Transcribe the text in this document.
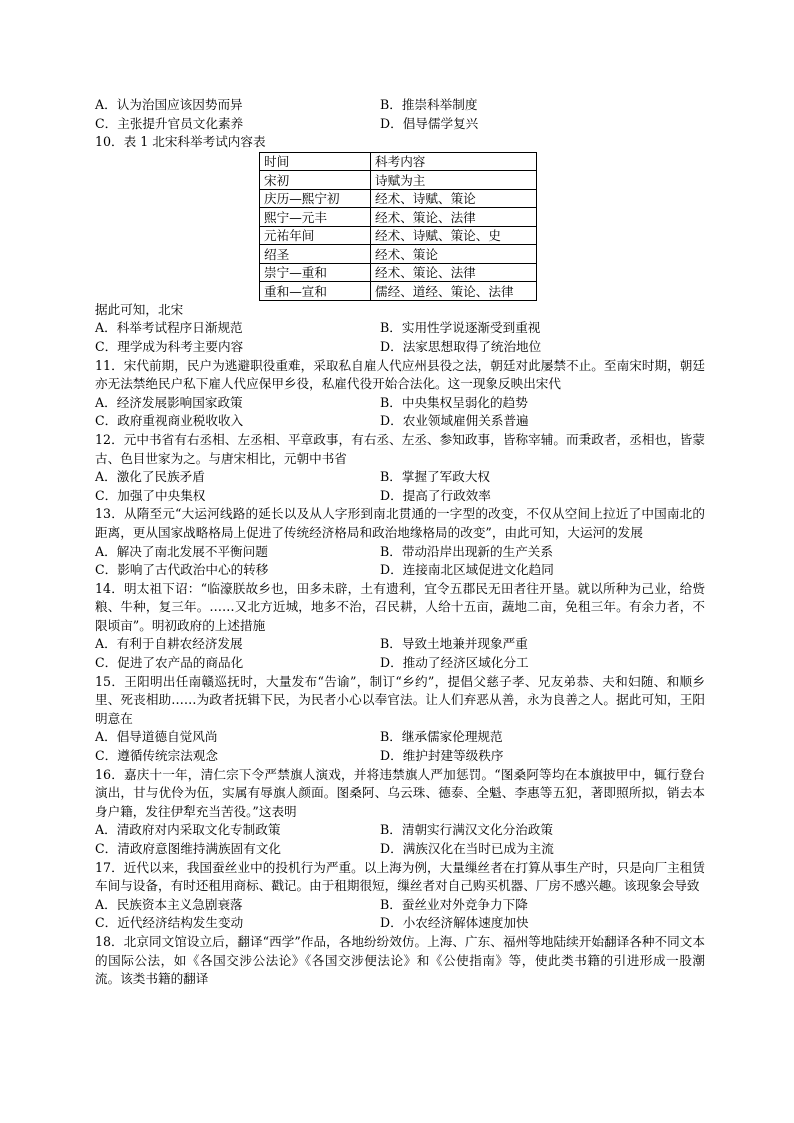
A．认为治国应该因势而异	B．推崇科举制度
C．主张提升官员文化素养	D．倡导儒学复兴

10．表 1 北宋科举考试内容表

时间	科考内容
宋初	诗赋为主
庆历—熙宁初	经术、诗赋、策论
熙宁—元丰	经术、策论、法律
元祐年间	经术、诗赋、策论、史
绍圣	经术、策论
崇宁—重和	经术、策论、法律
重和—宣和	儒经、道经、策论、法律

据此可知，北宋

A．科举考试程序日渐规范	B．实用性学说逐渐受到重视
C．理学成为科考主要内容	D．法家思想取得了统治地位

11．宋代前期，民户为逃避职役重难，采取私自雇人代应州县役之法，朝廷对此屡禁不止。至南宋时期，朝廷亦无法禁绝民户私下雇人代应保甲乡役，私雇代役开始合法化。这一现象反映出宋代

A．经济发展影响国家政策	B．中央集权呈弱化的趋势
C．政府重视商业税收收入	D．农业领域雇佣关系普遍

12．元中书省有右丞相、左丞相、平章政事，有右丞、左丞、参知政事，皆称宰辅。而秉政者，丞相也，皆蒙古、色目世家为之。与唐宋相比，元朝中书省

A．激化了民族矛盾	B．掌握了军政大权
C．加强了中央集权	D．提高了行政效率

13．从隋至元“大运河线路的延长以及从人字形到南北贯通的一字型的改变，不仅从空间上拉近了中国南北的距离，更从国家战略格局上促进了传统经济格局和政治地缘格局的改变”，由此可知，大运河的发展

A．解决了南北发展不平衡问题	B．带动沿岸出现新的生产关系
C．影响了古代政治中心的转移	D．连接南北区域促进文化趋同

14．明太祖下诏：“临濠朕故乡也，田多未辟，土有遗利，宜令五郡民无田者往开垦。就以所种为己业，给赀粮、牛种，复三年。……又北方近城，地多不治，召民耕，人给十五亩，蔬地二亩，免租三年。有余力者，不限顷亩”。明初政府的上述措施

A．有利于自耕农经济发展	B．导致土地兼并现象严重
C．促进了农产品的商品化	D．推动了经济区域化分工

15．王阳明出任南赣巡抚时，大量发布“告谕”，制订“乡约”，提倡父慈子孝、兄友弟恭、夫和妇随、和顺乡里、死丧相助……为政者抚辑下民，为民者小心以奉官法。让人们弃恶从善，永为良善之人。据此可知，王阳明意在

A．倡导道德自觉风尚	B．继承儒家伦理规范
C．遵循传统宗法观念	D．维护封建等级秩序

16．嘉庆十一年，清仁宗下令严禁旗人演戏，并将违禁旗人严加惩罚。“图桑阿等均在本旗披甲中，辄行登台演出，甘与优伶为伍，实属有辱旗人颜面。图桑阿、乌云珠、德泰、全魁、李惠等五犯，著即照所拟，销去本身户籍，发往伊犁充当苦役。”这表明

A．清政府对内采取文化专制政策	B．清朝实行满汉文化分治政策
C．清政府意图维持满族固有文化	D．满族汉化在当时已成为主流

17．近代以来，我国蚕丝业中的投机行为严重。以上海为例，大量缫丝者在打算从事生产时，只是向厂主租赁车间与设备，有时还租用商标、戳记。由于租期很短，缫丝者对自己购买机器、厂房不感兴趣。该现象会导致

A．民族资本主义急剧衰落	B．蚕丝业对外竞争力下降
C．近代经济结构发生变动	D．小农经济解体速度加快

18．北京同文馆设立后，翻译“西学”作品，各地纷纷效仿。上海、广东、福州等地陆续开始翻译各种不同文本的国际公法，如《各国交涉公法论》《各国交涉便法论》和《公使指南》等，使此类书籍的引进形成一股潮流。该类书籍的翻译
